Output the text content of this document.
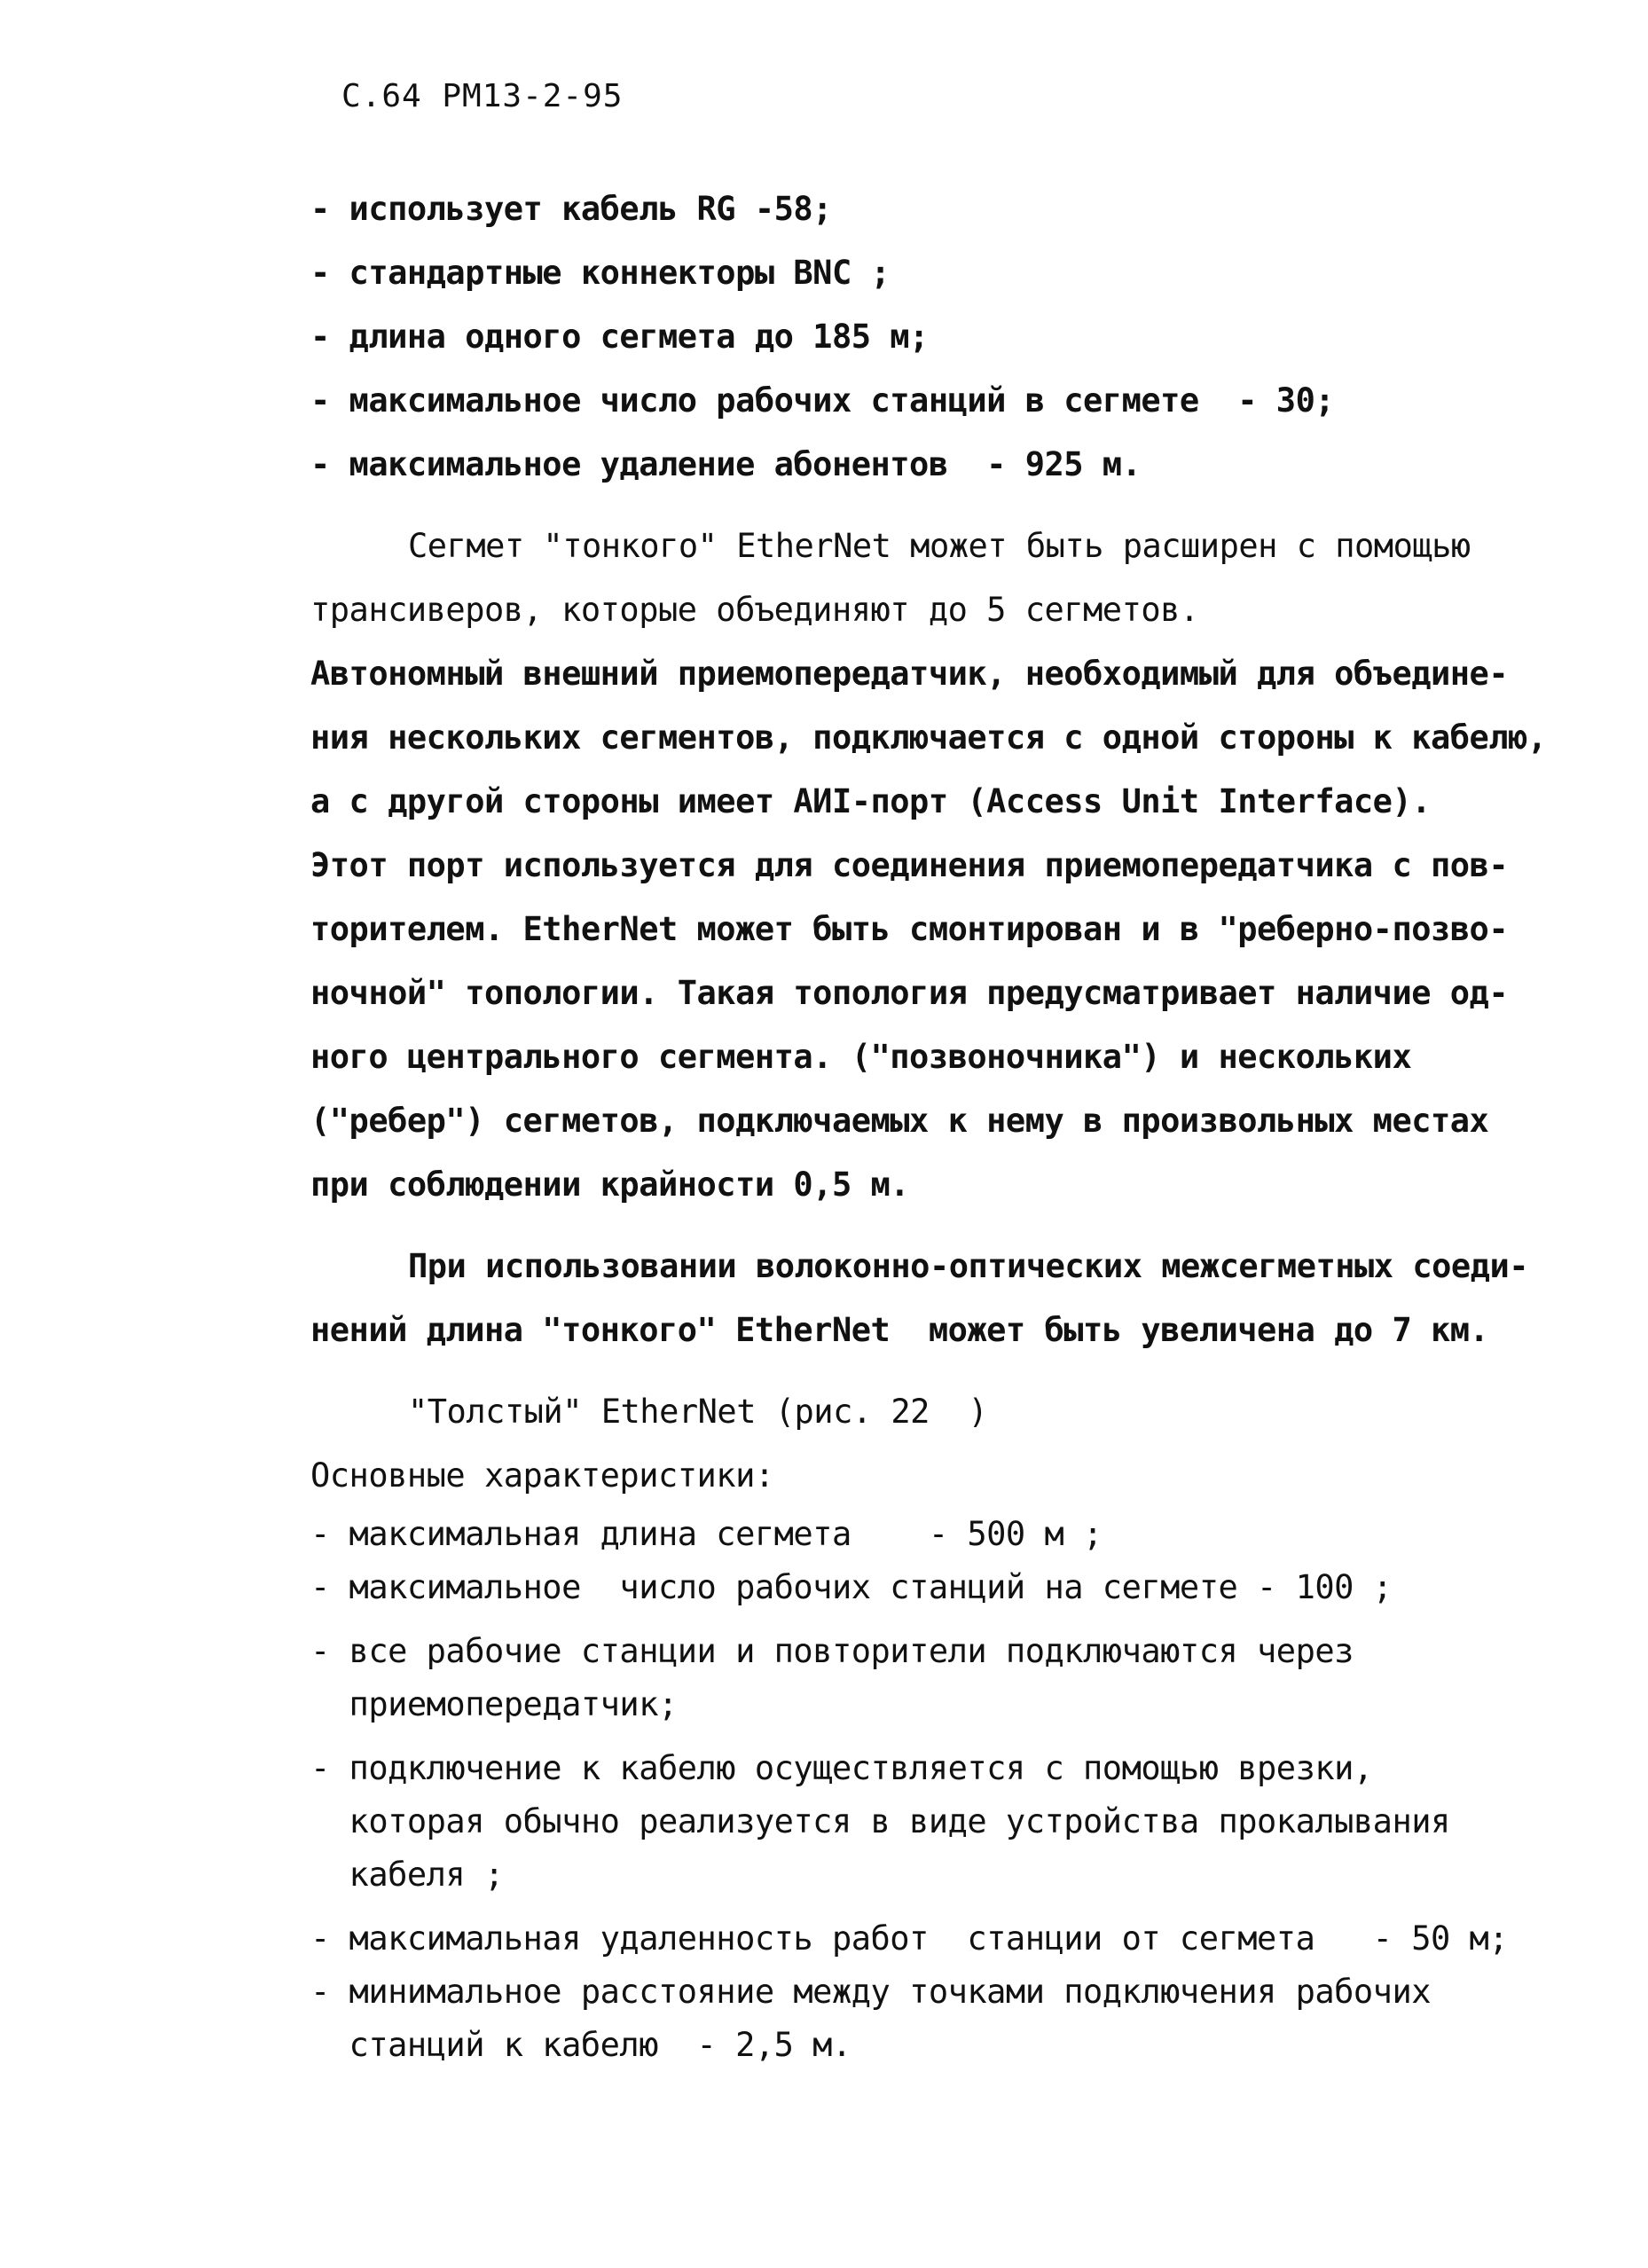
С.64 РМ13-2-95
- использует кабель RG -58;
- стандартные коннекторы BNC ;
- длина одного сегмета до 185 м;
- максимальное число рабочих станций в сегмете  - 30;
- максимальное удаление абонентов  - 925 м.
Сегмет "тонкого" EtherNet может быть расширен с помощью
трансиверов, которые объединяют до 5 сегметов.
Автономный внешний приемопередатчик, необходимый для объедине-
ния нескольких сегментов, подключается с одной стороны к кабелю,
а с другой стороны имеет АИI-порт (Access Unit Interface).
Этот порт используется для соединения приемопередатчика с пов-
торителем. EtherNet может быть смонтирован и в "реберно-позво-
ночной" топологии. Такая топология предусматривает наличие од-
ного центрального сегмента. ("позвоночника") и нескольких
("ребер") сегметов, подключаемых к нему в произвольных местах
при соблюдении крайности 0,5 м.
При использовании волоконно-оптических межсегметных соеди-
нений длина "тонкого" EtherNet  может быть увеличена до 7 км.
"Толстый" EtherNet (рис. 22  )
Основные характеристики:
- максимальная длина сегмета    - 500 м ;
- максимальное  число рабочих станций на сегмете - 100 ;
- все рабочие станции и повторители подключаются через
приемопередатчик;
- подключение к кабелю осуществляется с помощью врезки,
которая обычно реализуется в виде устройства прокалывания
кабеля ;
- максимальная удаленность работ  станции от сегмета   - 50 м;
- минимальное расстояние между точками подключения рабочих
станций к кабелю  - 2,5 м.
